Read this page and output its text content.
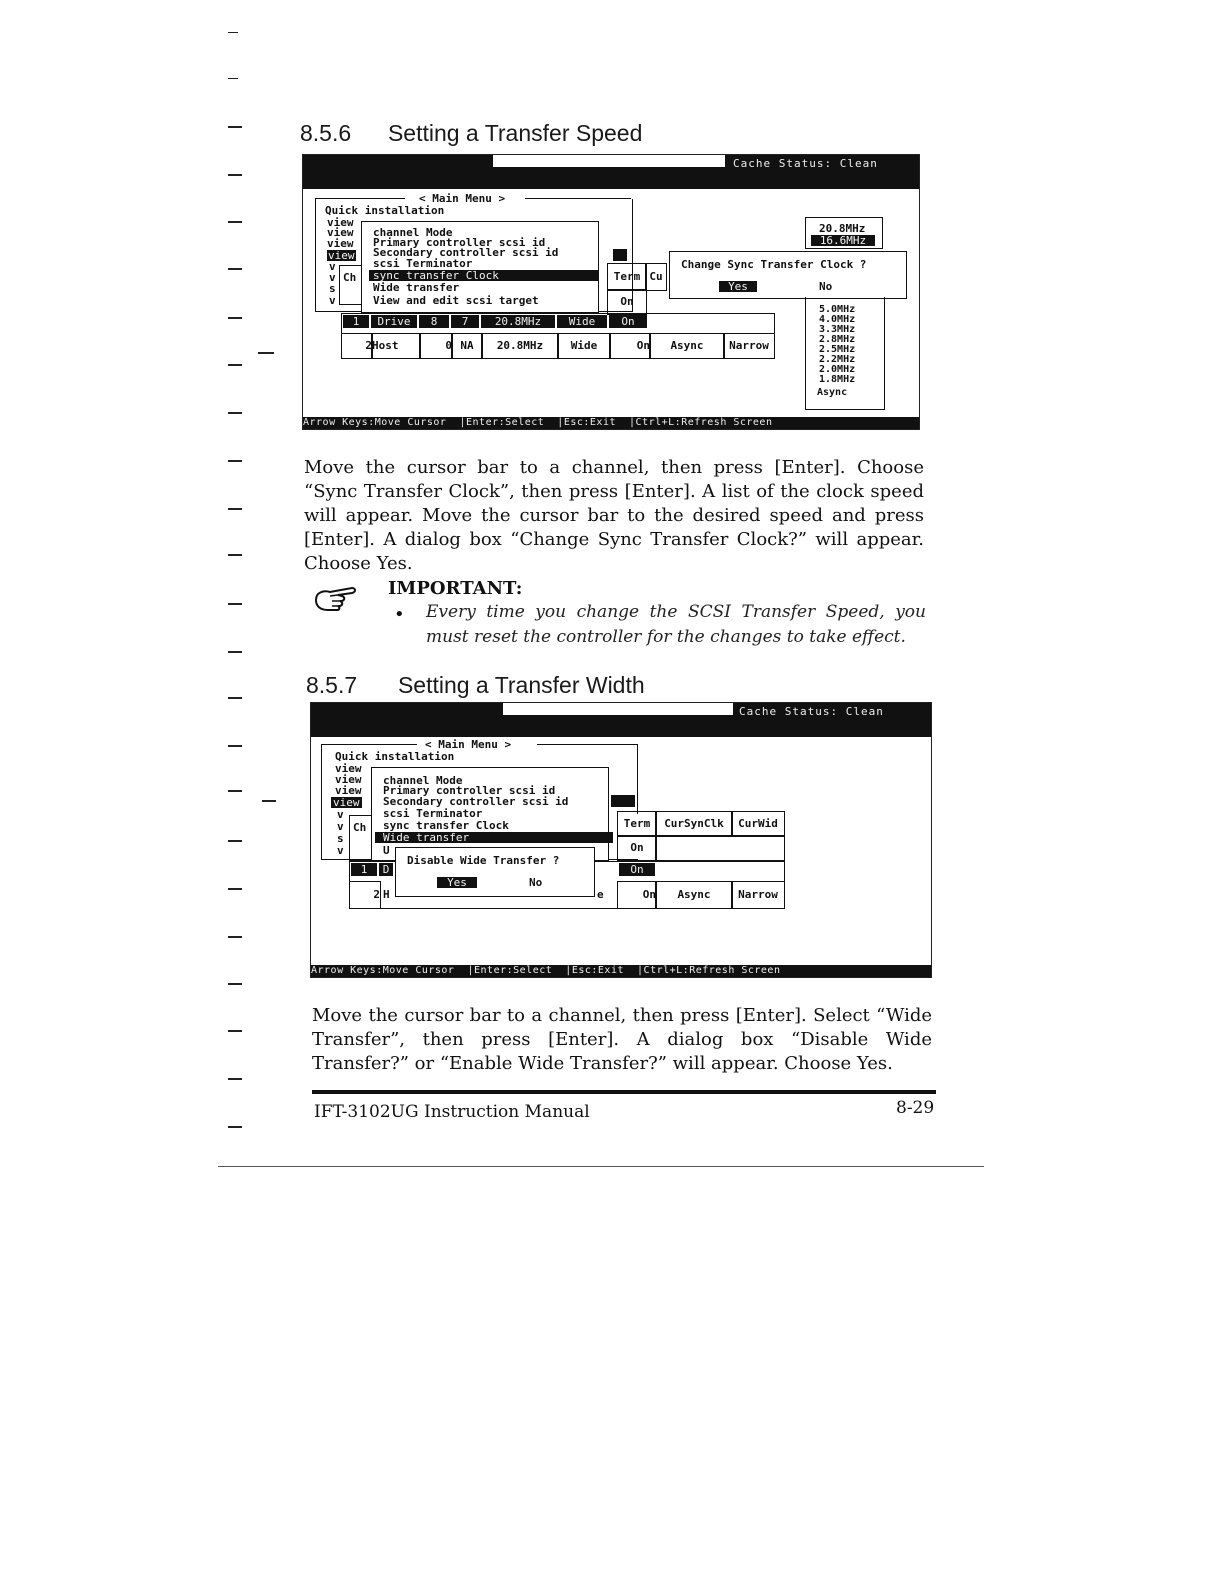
8.5.6 Setting a Transfer Speed
Cache Status: Clean
< Main Menu >
Quick installation
view
view
view
view
v
v
s
v
Ch
channel Mode
Primary controller scsi id
Secondary controller scsi id
scsi Terminator
sync transfer Clock
Wide transfer
View and edit scsi target
Term Cu
On
1	Drive	8	7	20.8MHz	Wide	On
2 Host	0 NA	20.8MHz	Wide	On	Async	Narrow
Change Sync Transfer Clock ?
Yes	No
20.8MHz
16.6MHz
5.0MHz
4.0MHz
3.3MHz
2.8MHz
2.5MHz
2.2MHz
2.0MHz
1.8MHz
Async
Arrow Keys:Move Cursor  |Enter:Select  |Esc:Exit  |Ctrl+L:Refresh Screen
Move the cursor bar to a channel, then press [Enter]. Choose “Sync Transfer Clock”, then press [Enter]. A list of the clock speed will appear. Move the cursor bar to the desired speed and press [Enter]. A dialog box “Change Sync Transfer Clock?” will appear. Choose Yes.
IMPORTANT:
• Every time you change the SCSI Transfer Speed, you must reset the controller for the changes to take effect.
8.5.7 Setting a Transfer Width
Cache Status: Clean
< Main Menu >
Quick installation
view
view
view
view
v
v
s
v
Ch
channel Mode
Primary controller scsi id
Secondary controller scsi id
scsi Terminator
sync transfer Clock
Wide transfer
U
Term	CurSynClk	CurWid
On
1	D	On
2 H	e	On	Async	Narrow
Disable Wide Transfer ?
Yes	No
Arrow Keys:Move Cursor  |Enter:Select  |Esc:Exit  |Ctrl+L:Refresh Screen
Move the cursor bar to a channel, then press [Enter]. Select “Wide Transfer”, then press [Enter]. A dialog box “Disable Wide Transfer?” or “Enable Wide Transfer?” will appear. Choose Yes.
IFT-3102UG Instruction Manual	8-29
